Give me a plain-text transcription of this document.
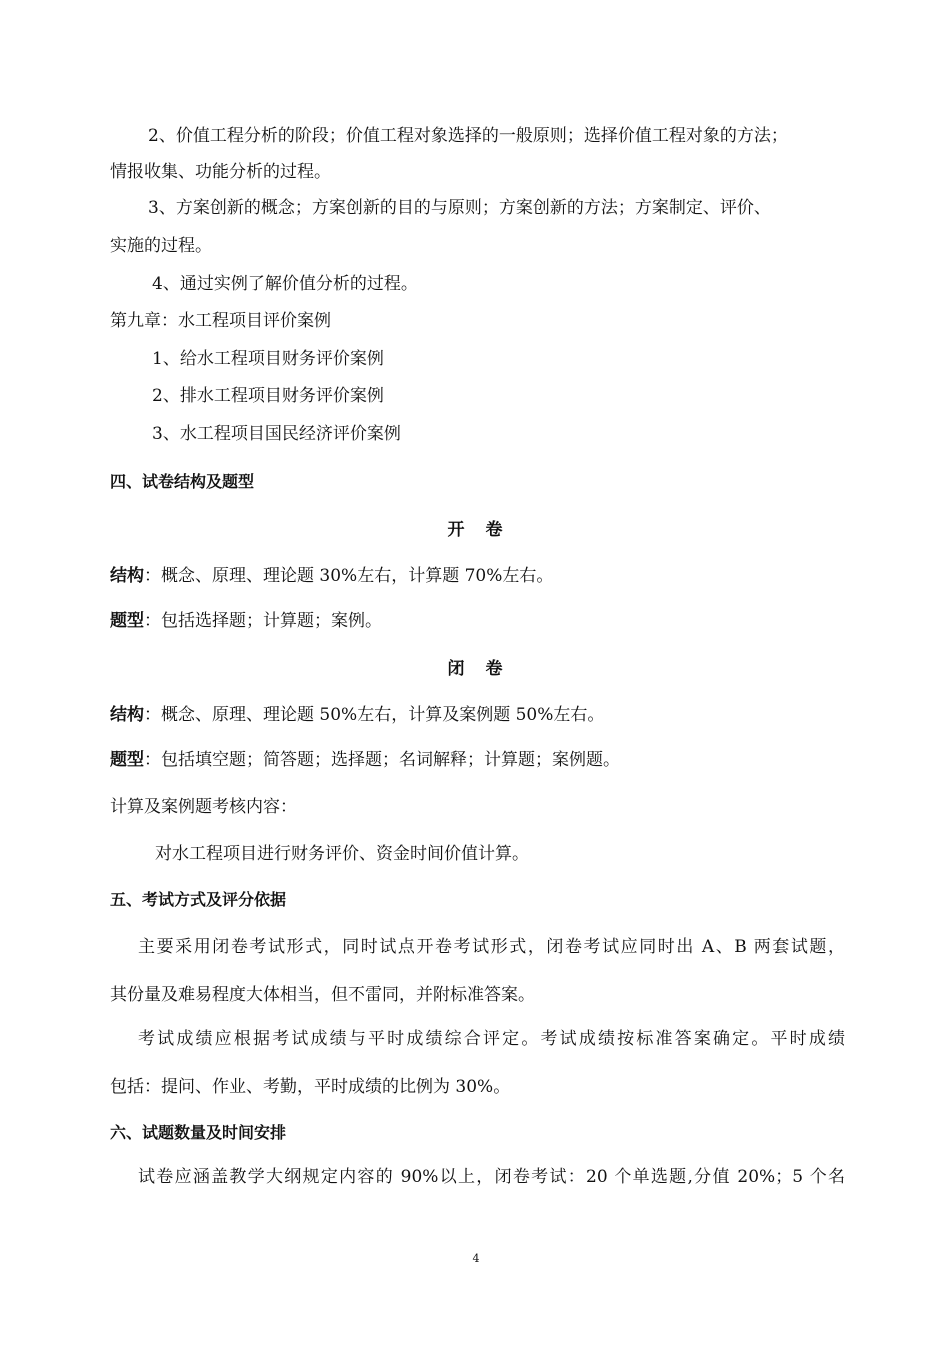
2、价值工程分析的阶段；价值工程对象选择的一般原则；选择价值工程对象的方法；
情报收集、功能分析的过程。
3、方案创新的概念；方案创新的目的与原则；方案创新的方法；方案制定、评价、
实施的过程。
4、通过实例了解价值分析的过程。
第九章：水工程项目评价案例
1、给水工程项目财务评价案例
2、排水工程项目财务评价案例
3、水工程项目国民经济评价案例
四、试卷结构及题型
开　卷
结构：概念、原理、理论题 30%左右，计算题 70%左右。
题型：包括选择题；计算题；案例。
闭　卷
结构：概念、原理、理论题 50%左右，计算及案例题 50%左右。
题型：包括填空题；简答题；选择题；名词解释；计算题；案例题。
计算及案例题考核内容：
对水工程项目进行财务评价、资金时间价值计算。
五、考试方式及评分依据
主要采用闭卷考试形式，同时试点开卷考试形式，闭卷考试应同时出 A、B 两套试题，
其份量及难易程度大体相当，但不雷同，并附标准答案。
考试成绩应根据考试成绩与平时成绩综合评定。考试成绩按标准答案确定。平时成绩
包括：提问、作业、考勤，平时成绩的比例为 30%。
六、试题数量及时间安排
试卷应涵盖教学大纲规定内容的 90%以上，闭卷考试：20 个单选题,分值 20%；5 个名
4
